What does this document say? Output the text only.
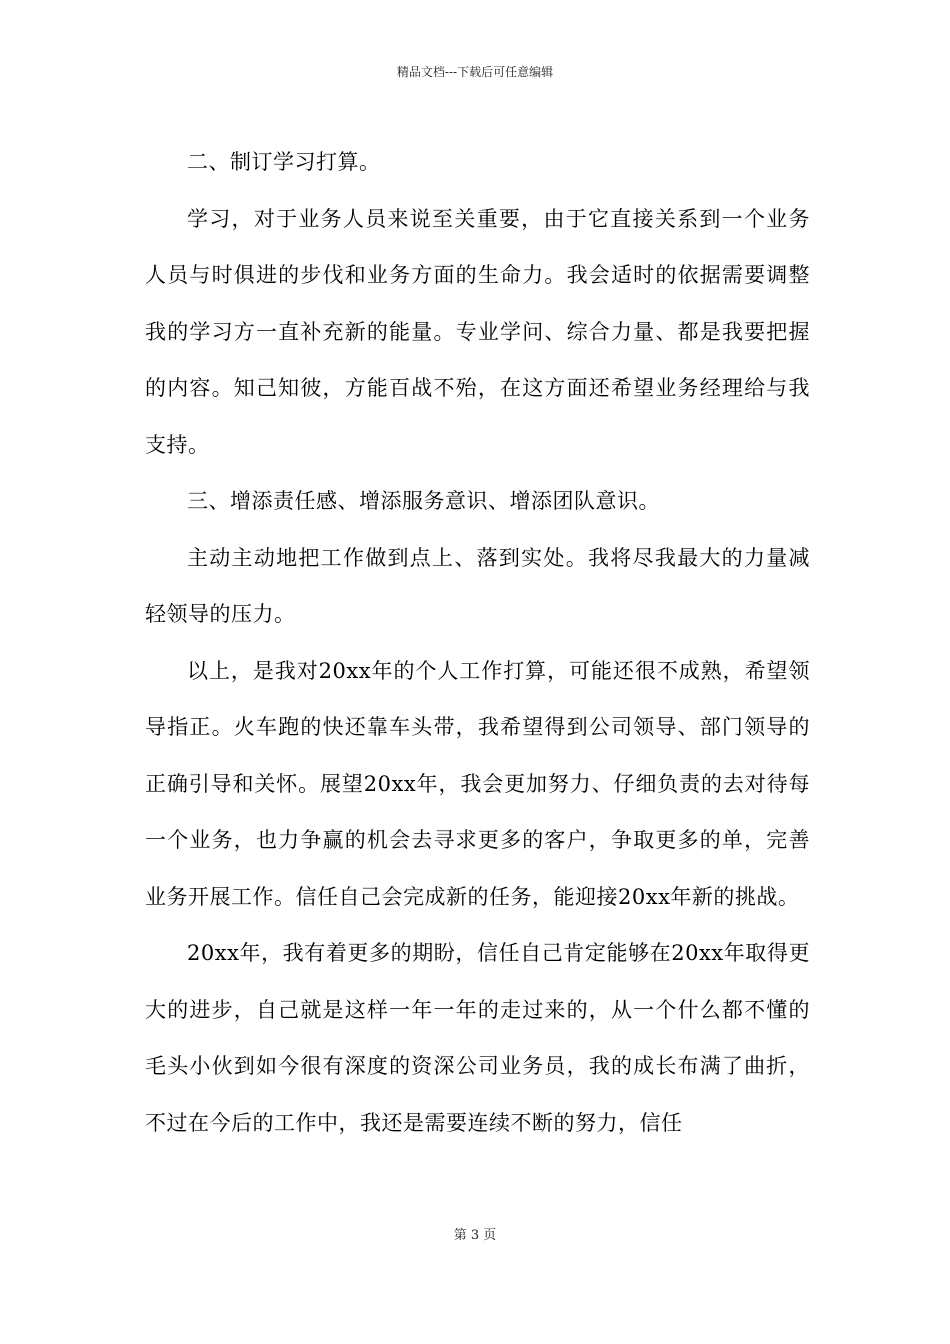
精品文档---下载后可任意编辑

二、制订学习打算。

学习，对于业务人员来说至关重要，由于它直接关系到一个业务人员与时俱进的步伐和业务方面的生命力。我会适时的依据需要调整我的学习方一直补充新的能量。专业学问、综合力量、都是我要把握的内容。知己知彼，方能百战不殆，在这方面还希望业务经理给与我支持。

三、增添责任感、增添服务意识、增添团队意识。

主动主动地把工作做到点上、落到实处。我将尽我最大的力量减轻领导的压力。

以上，是我对20xx年的个人工作打算，可能还很不成熟，希望领导指正。火车跑的快还靠车头带，我希望得到公司领导、部门领导的正确引导和关怀。展望20xx年，我会更加努力、仔细负责的去对待每一个业务，也力争赢的机会去寻求更多的客户，争取更多的单，完善业务开展工作。信任自己会完成新的任务，能迎接20xx年新的挑战。

20xx年，我有着更多的期盼，信任自己肯定能够在20xx年取得更大的进步，自己就是这样一年一年的走过来的，从一个什么都不懂的毛头小伙到如今很有深度的资深公司业务员，我的成长布满了曲折，不过在今后的工作中，我还是需要连续不断的努力，信任

第 3 页
